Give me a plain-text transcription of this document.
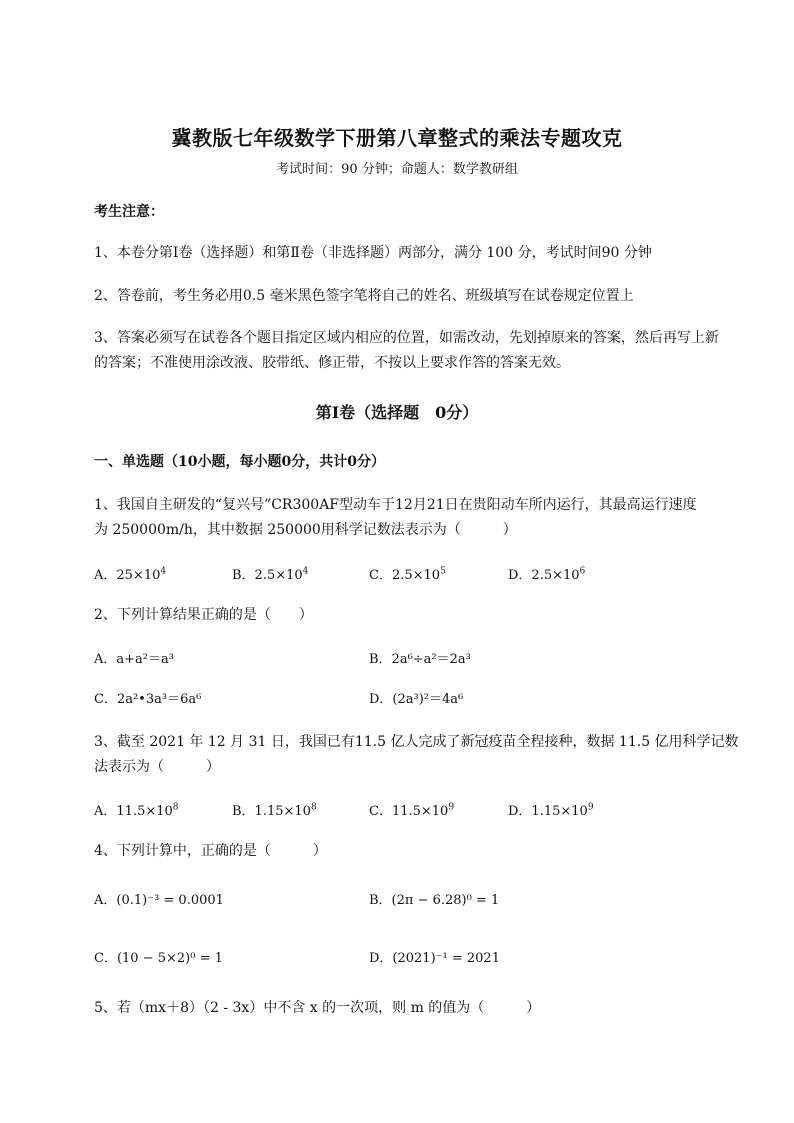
冀教版七年级数学下册第八章整式的乘法专题攻克
考试时间：90 分钟；命题人：数学教研组
考生注意：
1、本卷分第Ⅰ卷（选择题）和第Ⅱ卷（非选择题）两部分，满分 100 分，考试时间90 分钟
2、答卷前，考生务必用0.5 毫米黑色签字笔将自己的姓名、班级填写在试卷规定位置上
3、答案必须写在试卷各个题目指定区域内相应的位置，如需改动，先划掉原来的答案，然后再写上新
的答案；不准使用涂改液、胶带纸、修正带，不按以上要求作答的答案无效。
第Ⅰ卷（选择题　0分）
一、单选题（10小题，每小题0分，共计0分）
1、我国自主研发的“复兴号”CR300AF型动车于12月21日在贵阳动车所内运行，其最高运行速度
为 250000m/h，其中数据 250000用科学记数法表示为（　　　）
A．$25\times 10^4$	B．$2.5\times 10^4$	C．$2.5\times 10^5$	D．$2.5\times 10^6$
2、下列计算结果正确的是（　　）
A．a+a²＝a³	B．2a⁶÷a²＝2a³
C．2a²•3a³＝6a⁶	D．(2a³)²＝4a⁶
3、截至 2021 年 12 月 31 日，我国已有11.5 亿人完成了新冠疫苗全程接种，数据 11.5 亿用科学记数
法表示为（　　　）
A．$11.5\times 10^8$	B．$1.15\times 10^8$	C．$11.5\times 10^9$	D．$1.15\times 10^9$
4、下列计算中，正确的是（　　　）
A．(0.1)⁻³ = 0.0001	B．(2π − 6.28)⁰ = 1
C．(10 − 5×2)⁰ = 1	D．(2021)⁻¹ = 2021
5、若（mx＋8）（2 - 3x）中不含 x 的一次项，则 m 的值为（　　　）
